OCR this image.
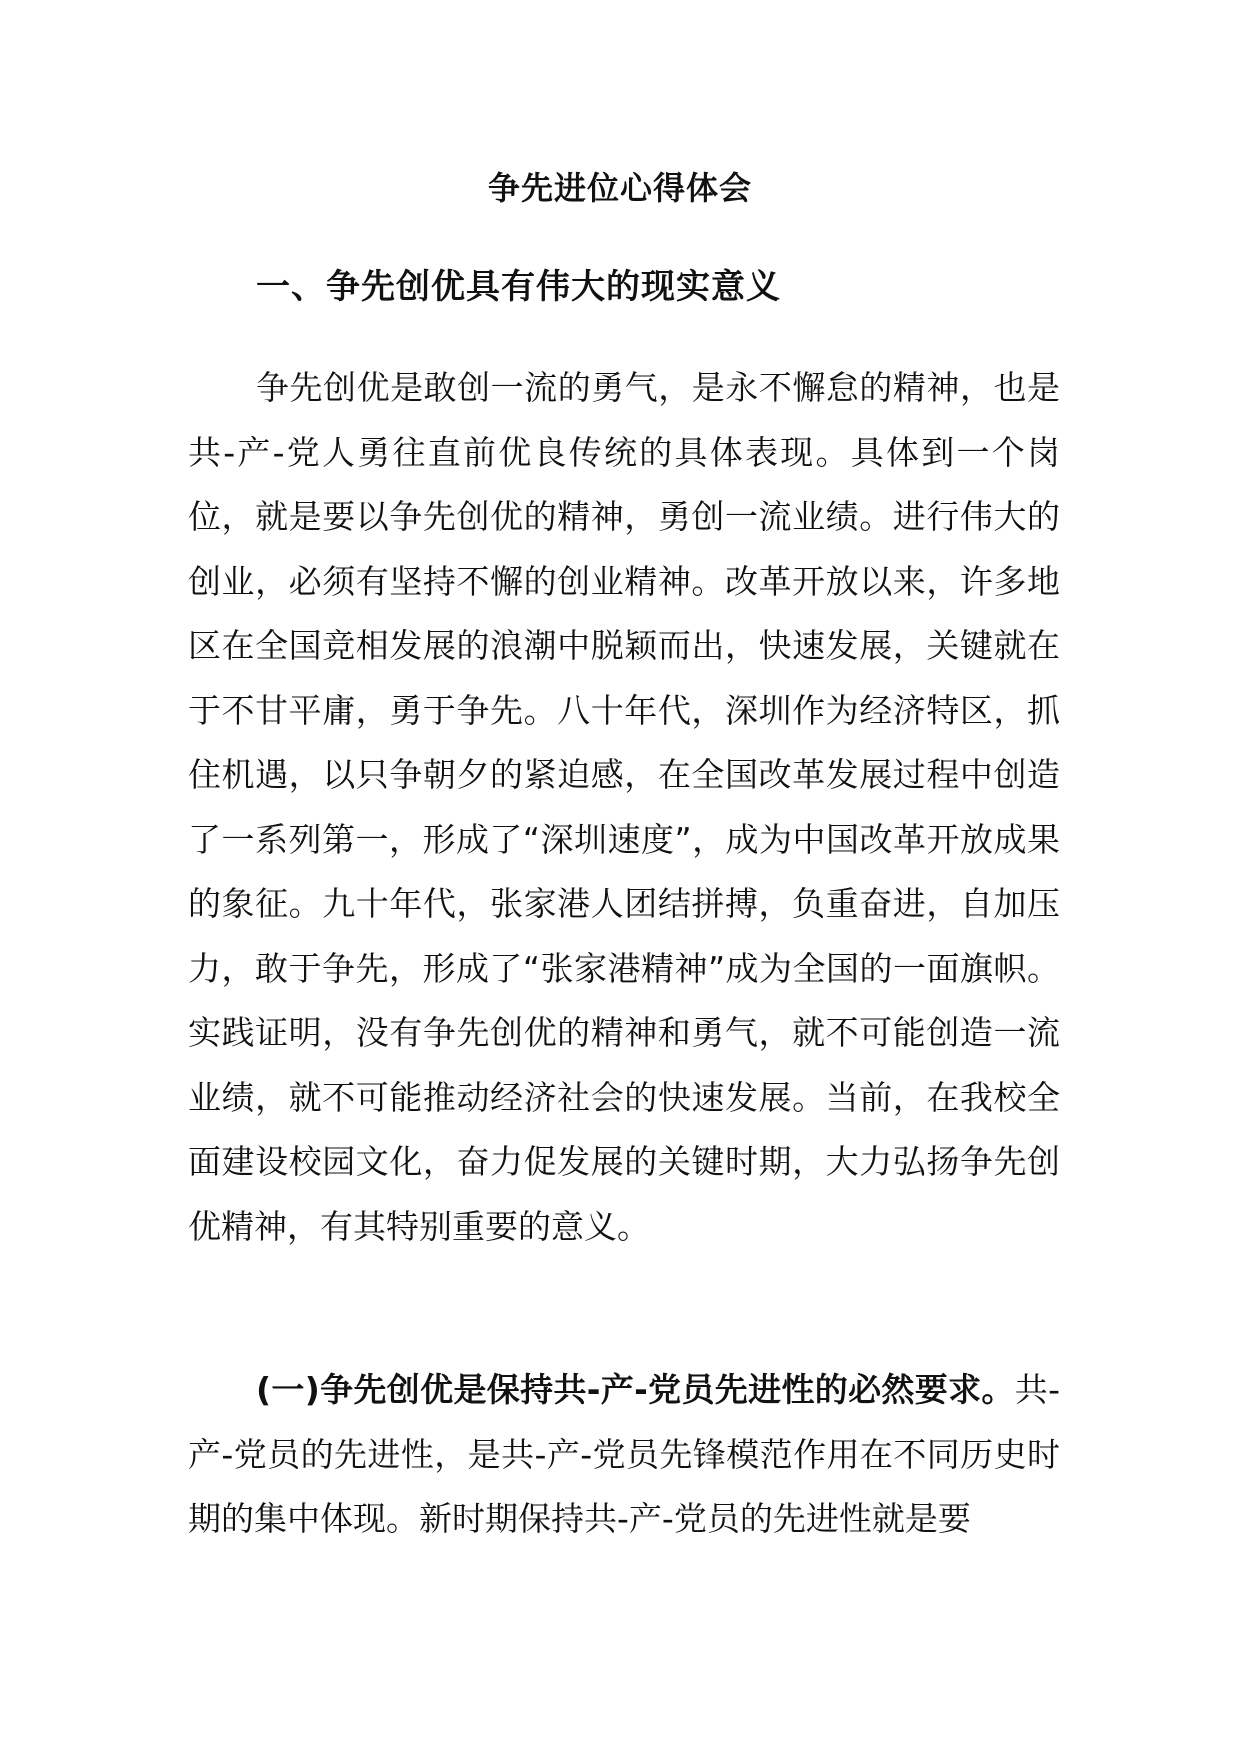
争先进位心得体会
一、争先创优具有伟大的现实意义

争先创优是敢创一流的勇气，是永不懈怠的精神，也是共-产-党人勇往直前优良传统的具体表现。具体到一个岗位，就是要以争先创优的精神，勇创一流业绩。进行伟大的创业，必须有坚持不懈的创业精神。改革开放以来，许多地区在全国竞相发展的浪潮中脱颖而出，快速发展，关键就在于不甘平庸，勇于争先。八十年代，深圳作为经济特区，抓住机遇，以只争朝夕的紧迫感，在全国改革发展过程中创造了一系列第一，形成了“深圳速度”，成为中国改革开放成果的象征。九十年代，张家港人团结拼搏，负重奋进，自加压力，敢于争先，形成了“张家港精神”成为全国的一面旗帜。实践证明，没有争先创优的精神和勇气，就不可能创造一流业绩，就不可能推动经济社会的快速发展。当前，在我校全面建设校园文化，奋力促发展的关键时期，大力弘扬争先创优精神，有其特别重要的意义。

(一)争先创优是保持共-产-党员先进性的必然要求。共-产-党员的先进性，是共-产-党员先锋模范作用在不同历史时期的集中体现。新时期保持共-产-党员的先进性就是要
